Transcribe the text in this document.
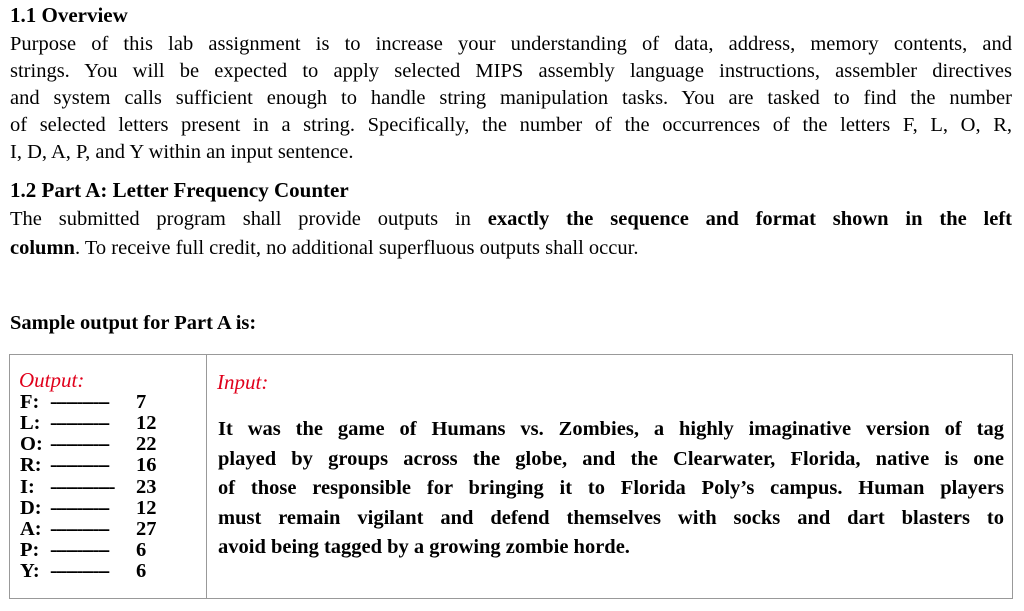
1.1 Overview
Purpose of this lab assignment is to increase your understanding of data, address, memory contents, and
strings. You will be expected to apply selected MIPS assembly language instructions, assembler directives
and system calls sufficient enough to handle string manipulation tasks. You are tasked to find the number
of selected letters present in a string. Specifically, the number of the occurrences of the letters F, L, O, R,
I, D, A, P, and Y within an input sentence.
1.2 Part A: Letter Frequency Counter
The submitted program shall provide outputs in exactly the sequence and format shown in the left
column. To receive full credit, no additional superfluous outputs shall occur.
Sample output for Part A is:
Output:
F: ----------- 7
L: ----------- 12
O: ----------- 22
R: ----------- 16
I: ------------ 23
D: ----------- 12
A: ----------- 27
P: ----------- 6
Y: ----------- 6
Input:
It was the game of Humans vs. Zombies, a highly imaginative version of tag
played by groups across the globe, and the Clearwater, Florida, native is one
of those responsible for bringing it to Florida Poly’s campus. Human players
must remain vigilant and defend themselves with socks and dart blasters to
avoid being tagged by a growing zombie horde.
